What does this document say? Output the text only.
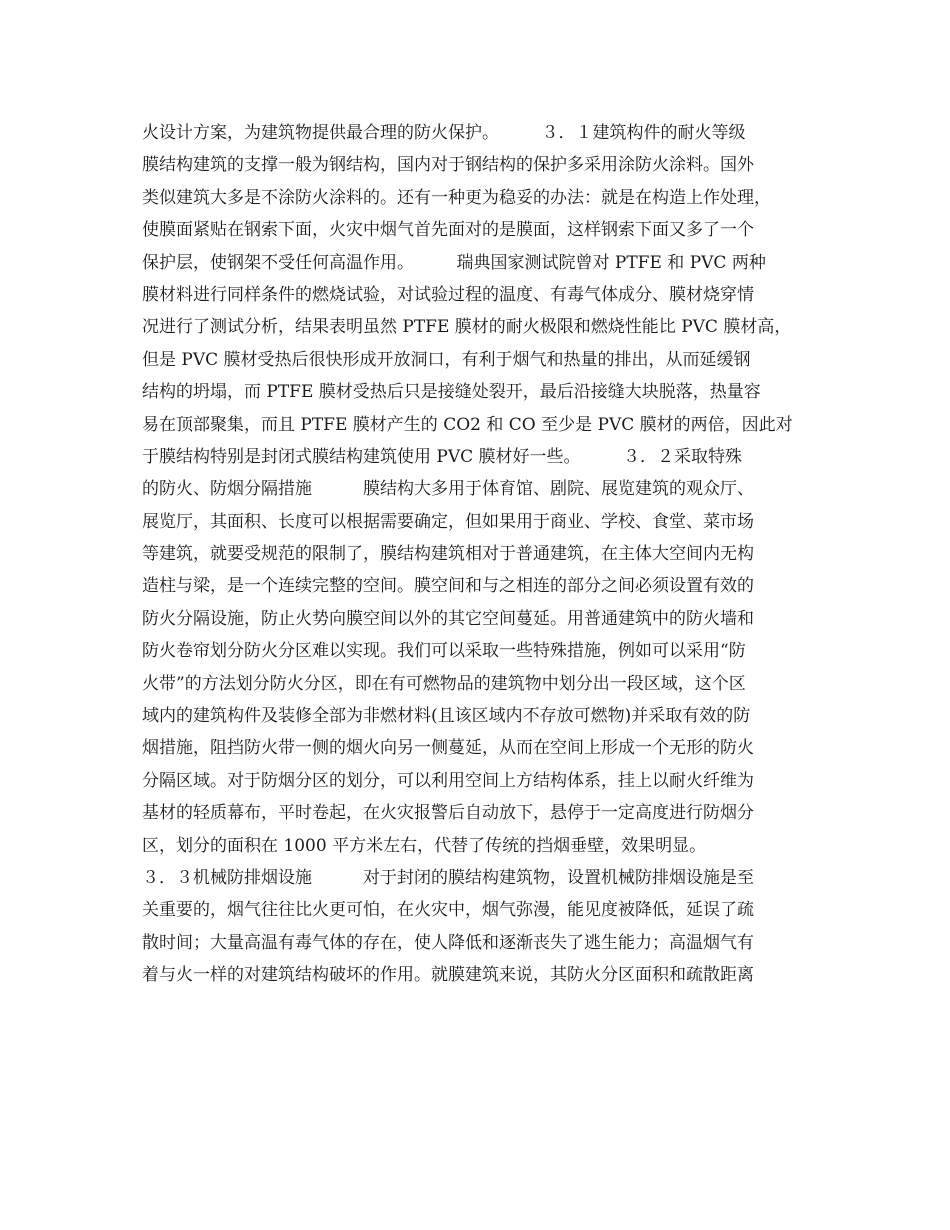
火设计方案，为建筑物提供最合理的防火保护。　　　３．１建筑构件的耐火等级
膜结构建筑的支撑一般为钢结构，国内对于钢结构的保护多采用涂防火涂料。国外
类似建筑大多是不涂防火涂料的。还有一种更为稳妥的办法：就是在构造上作处理，
使膜面紧贴在钢索下面，火灾中烟气首先面对的是膜面，这样钢索下面又多了一个
保护层，使钢架不受任何高温作用。　　　瑞典国家测试院曾对 PTFE 和 PVC 两种
膜材料进行同样条件的燃烧试验，对试验过程的温度、有毒气体成分、膜材烧穿情
况进行了测试分析，结果表明虽然 PTFE 膜材的耐火极限和燃烧性能比 PVC 膜材高，
但是 PVC 膜材受热后很快形成开放洞口，有利于烟气和热量的排出，从而延缓钢
结构的坍塌，而 PTFE 膜材受热后只是接缝处裂开，最后沿接缝大块脱落，热量容
易在顶部聚集，而且 PTFE 膜材产生的 CO2 和 CO 至少是 PVC 膜材的两倍，因此对
于膜结构特别是封闭式膜结构建筑使用 PVC 膜材好一些。　　　３．２采取特殊
的防火、防烟分隔措施　　　膜结构大多用于体育馆、剧院、展览建筑的观众厅、
展览厅，其面积、长度可以根据需要确定，但如果用于商业、学校、食堂、菜市场
等建筑，就要受规范的限制了，膜结构建筑相对于普通建筑，在主体大空间内无构
造柱与梁，是一个连续完整的空间。膜空间和与之相连的部分之间必须设置有效的
防火分隔设施，防止火势向膜空间以外的其它空间蔓延。用普通建筑中的防火墙和
防火卷帘划分防火分区难以实现。我们可以采取一些特殊措施，例如可以采用“防
火带”的方法划分防火分区，即在有可燃物品的建筑物中划分出一段区域，这个区
域内的建筑构件及装修全部为非燃材料(且该区域内不存放可燃物)并采取有效的防
烟措施，阻挡防火带一侧的烟火向另一侧蔓延，从而在空间上形成一个无形的防火
分隔区域。对于防烟分区的划分，可以利用空间上方结构体系，挂上以耐火纤维为
基材的轻质幕布，平时卷起，在火灾报警后自动放下，悬停于一定高度进行防烟分
区，划分的面积在 1000 平方米左右，代替了传统的挡烟垂壁，效果明显。
３．３机械防排烟设施　　　对于封闭的膜结构建筑物，设置机械防排烟设施是至
关重要的，烟气往往比火更可怕，在火灾中，烟气弥漫，能见度被降低，延误了疏
散时间；大量高温有毒气体的存在，使人降低和逐渐丧失了逃生能力；高温烟气有
着与火一样的对建筑结构破坏的作用。就膜建筑来说，其防火分区面积和疏散距离
